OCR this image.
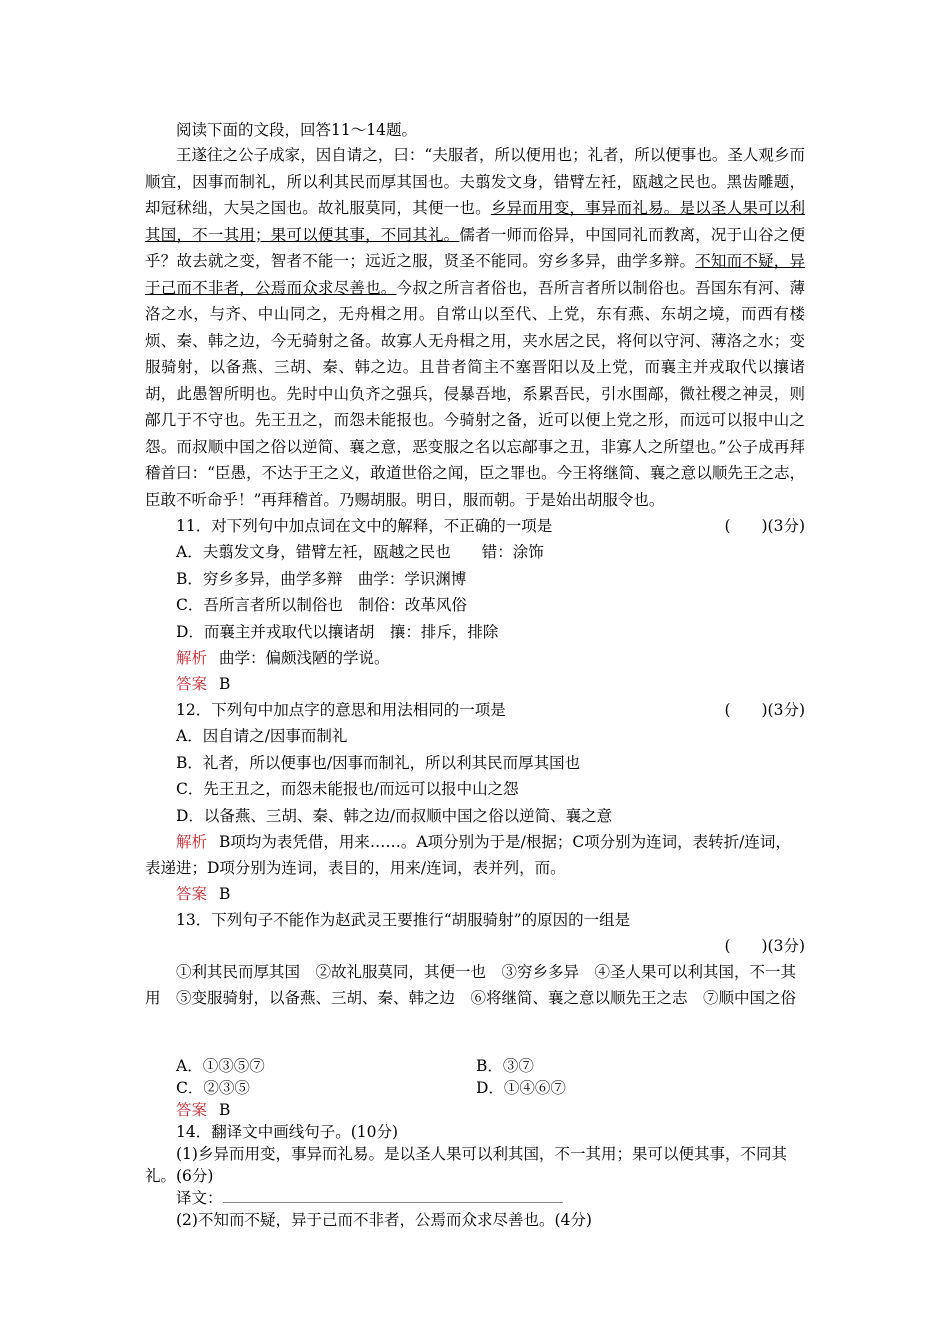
阅读下面的文段，回答11～14题。

王遂往之公子成家，因自请之，曰：“夫服者，所以便用也；礼者，所以便事也。圣人观乡而顺宜，因事而制礼，所以利其民而厚其国也。夫翦发文身，错臂左衽，瓯越之民也。黑齿雕题，却冠秫绌，大吴之国也。故礼服莫同，其便一也。乡异而用变，事异而礼易。是以圣人果可以利其国，不一其用；果可以便其事，不同其礼。儒者一师而俗异，中国同礼而教离，况于山谷之便乎？故去就之变，智者不能一；远近之服，贤圣不能同。穷乡多异，曲学多辩。不知而不疑，异于己而不非者，公焉而众求尽善也。今叔之所言者俗也，吾所言者所以制俗也。吾国东有河、薄洛之水，与齐、中山同之，无舟楫之用。自常山以至代、上党，东有燕、东胡之境，而西有楼烦、秦、韩之边，今无骑射之备。故寡人无舟楫之用，夹水居之民，将何以守河、薄洛之水；变服骑射，以备燕、三胡、秦、韩之边。且昔者简主不塞晋阳以及上党，而襄主并戎取代以攘诸胡，此愚智所明也。先时中山负齐之强兵，侵暴吾地，系累吾民，引水围鄗，微社稷之神灵，则鄗几于不守也。先王丑之，而怨未能报也。今骑射之备，近可以便上党之形，而远可以报中山之怨。而叔顺中国之俗以逆简、襄之意，恶变服之名以忘鄗事之丑，非寡人之所望也。”公子成再拜稽首曰：“臣愚，不达于王之义，敢道世俗之闻，臣之罪也。今王将继简、襄之意以顺先王之志，臣敢不听命乎！”再拜稽首。乃赐胡服。明日，服而朝。于是始出胡服令也。

11．对下列句中加点词在文中的解释，不正确的一项是	(　　)(3分)

A．夫翦发文身，错臂左衽，瓯越之民也　　错：涂饰

B．穷乡多异，曲学多辩　曲学：学识渊博

C．吾所言者所以制俗也　制俗：改革风俗

D．而襄主并戎取代以攘诸胡　攘：排斥，排除

解析 曲学：偏颇浅陋的学说。

答案 B

12．下列句中加点字的意思和用法相同的一项是	(　　)(3分)

A．因自请之/因事而制礼

B．礼者，所以便事也/因事而制礼，所以利其民而厚其国也

C．先王丑之，而怨未能报也/而远可以报中山之怨

D．以备燕、三胡、秦、韩之边/而叔顺中国之俗以逆简、襄之意

解析 B项均为表凭借，用来……。A项分别为于是/根据；C项分别为连词，表转折/连词，表递进；D项分别为连词，表目的，用来/连词，表并列，而。

答案 B

13．下列句子不能作为赵武灵王要推行“胡服骑射”的原因的一组是

(　　)(3分)

①利其民而厚其国　②故礼服莫同，其便一也　③穷乡多异　④圣人果可以利其国，不一其用　⑤变服骑射，以备燕、三胡、秦、韩之边　⑥将继简、襄之意以顺先王之志　⑦顺中国之俗

A．①③⑤⑦	B．③⑦
C．②③⑤	D．①④⑥⑦

答案 B

14．翻译文中画线句子。(10分)

(1)乡异而用变，事异而礼易。是以圣人果可以利其国，不一其用；果可以便其事，不同其礼。(6分)

译文：

(2)不知而不疑，异于己而不非者，公焉而众求尽善也。(4分)
